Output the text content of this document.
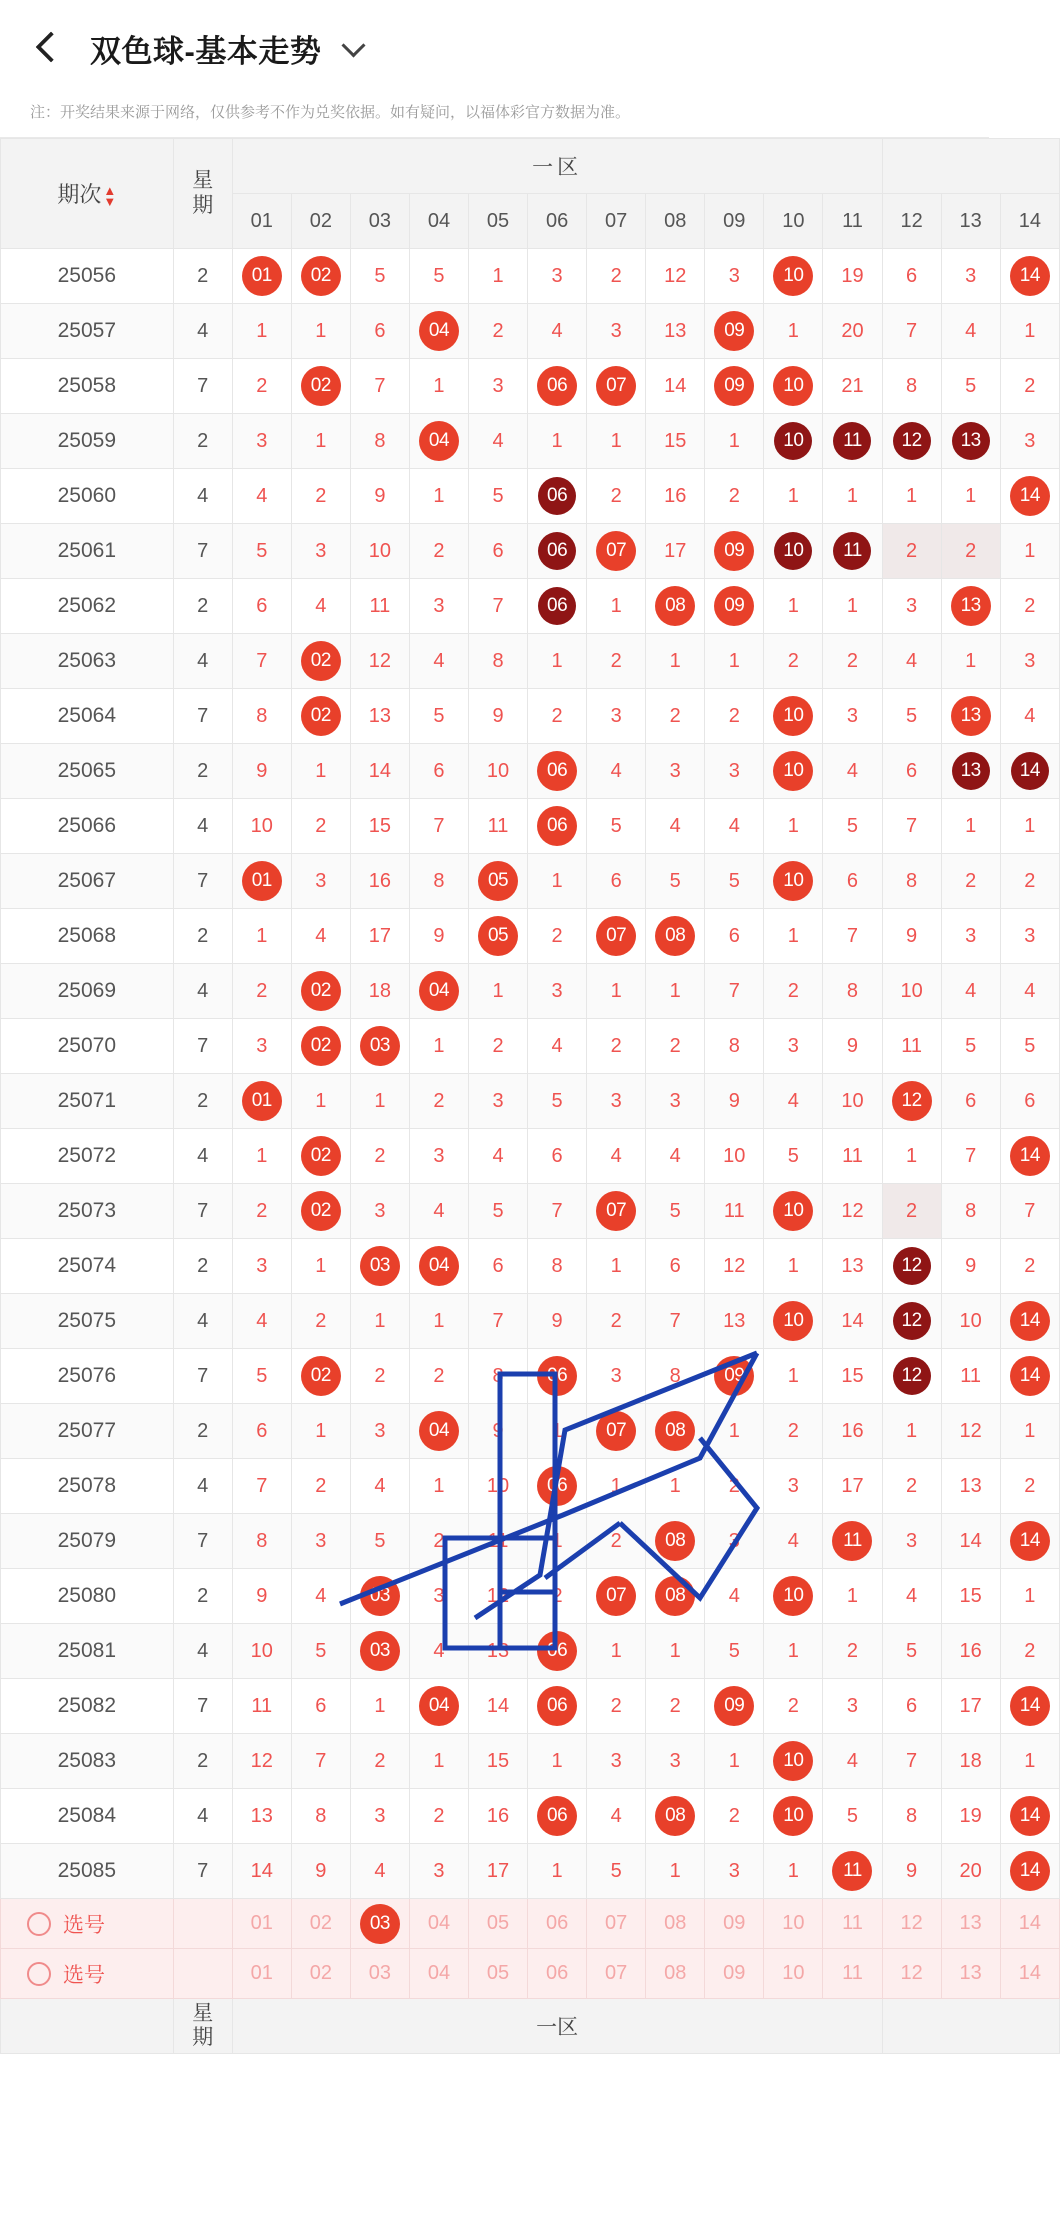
双色球-基本走势
注：开奖结果来源于网络，仅供参考不作为兑奖依据。如有疑问，以福体彩官方数据为准。
期次 ▲
▼

星
期
	一区	
		01	02	03	04	05	06	07	08	09	10	11	12	13	14
25056	2	01	02	5	5	1	3	2	12	3	10	19	6	3	14
25057	4	1	1	6	04	2	4	3	13	09	1	20	7	4	1
25058	7	2	02	7	1	3	06	07	14	09	10	21	8	5	2
25059	2	3	1	8	04	4	1	1	15	1	10	11	12	13	3
25060	4	4	2	9	1	5	06	2	16	2	1	1	1	1	14
25061	7	5	3	10	2	6	06	07	17	09	10	11	2	2	1
25062	2	6	4	11	3	7	06	1	08	09	1	1	3	13	2
25063	4	7	02	12	4	8	1	2	1	1	2	2	4	1	3
25064	7	8	02	13	5	9	2	3	2	2	10	3	5	13	4
25065	2	9	1	14	6	10	06	4	3	3	10	4	6	13	14
25066	4	10	2	15	7	11	06	5	4	4	1	5	7	1	1
25067	7	01	3	16	8	05	1	6	5	5	10	6	8	2	2
25068	2	1	4	17	9	05	2	07	08	6	1	7	9	3	3
25069	4	2	02	18	04	1	3	1	1	7	2	8	10	4	4
25070	7	3	02	03	1	2	4	2	2	8	3	9	11	5	5
25071	2	01	1	1	2	3	5	3	3	9	4	10	12	6	6
25072	4	1	02	2	3	4	6	4	4	10	5	11	1	7	14
25073	7	2	02	3	4	5	7	07	5	11	10	12	2	8	7
25074	2	3	1	03	04	6	8	1	6	12	1	13	12	9	2
25075	4	4	2	1	1	7	9	2	7	13	10	14	12	10	14
25076	7	5	02	2	2	8	06	3	8	09	1	15	12	11	14
25077	2	6	1	3	04	9	1	07	08	1	2	16	1	12	1
25078	4	7	2	4	1	10	06	1	1	2	3	17	2	13	2
25079	7	8	3	5	2	11	1	2	08	3	4	11	3	14	14
25080	2	9	4	03	3	12	2	07	08	4	10	1	4	15	1
25081	4	10	5	03	4	13	06	1	1	5	1	2	5	16	2
25082	7	11	6	1	04	14	06	2	2	09	2	3	6	17	14
25083	2	12	7	2	1	15	1	3	3	1	10	4	7	18	1
25084	4	13	8	3	2	16	06	4	08	2	10	5	8	19	14
25085	7	14	9	4	3	17	1	5	1	3	1	11	9	20	14
选号		01	02	03	04	05	06	07	08	09	10	11	12	13	14
选号		01	02	03	04	05	06	07	08	09	10	11	12	13	14

	星
期	一区													
